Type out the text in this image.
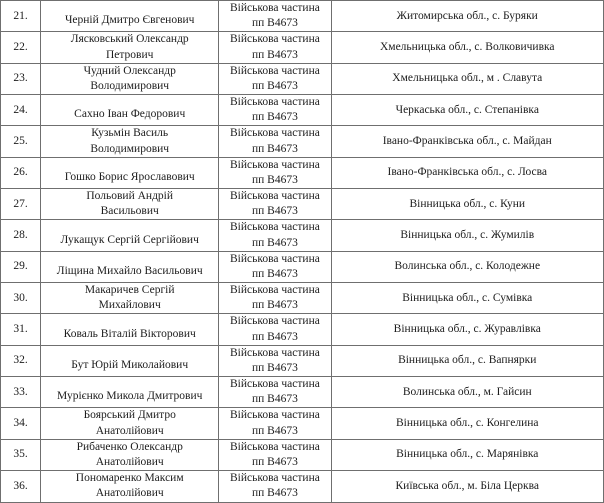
21.	Черній Дмитро Євгенович	Військова частина
пп В4673	Житомирська обл., с. Буряки
22.	Лясковський Олександр
Петрович	Військова частина
пп В4673	Хмельницька обл., с. Волковичивка
23.	Чудний Олександр
Володимирович	Військова частина
пп В4673	Хмельницька обл., м . Славута
24.	Сахно Іван Федорович	Військова частина
пп В4673	Черкаська обл., с. Степанівка
25.	Кузьмін Василь
Володимирович	Військова частина
пп В4673	Івано-Франківська обл., с. Майдан
26.	Гошко Борис Ярославович	Військова частина
пп В4673	Івано-Франківська обл., с. Лосва
27.	Польовий Андрій
Васильович	Військова частина
пп В4673	Вінницька обл., с. Куни
28.	Лукащук Сергій Сергійович	Військова частина
пп В4673	Вінницька обл., с. Жумилів
29.	Ліщина Михайло Васильович	Військова частина
пп В4673	Волинська обл., с. Колодежне
30.	Макаричев Сергій
Михайлович	Військова частина
пп В4673	Вінницька обл., с. Сумівка
31.	Коваль Віталій Вікторович	Військова частина
пп В4673	Вінницька обл., с. Журавлівка
32.	Бут Юрій Миколайович	Військова частина
пп В4673	Вінницька обл., с. Вапнярки
33.	Мурієнко Микола Дмитрович	Військова частина
пп В4673	Волинська обл., м. Гайсин
34.	Боярський Дмитро
Анатолійович	Військова частина
пп В4673	Вінницька обл., с. Конгелина
35.	Рибаченко Олександр
Анатолійович	Військова частина
пп В4673	Вінницька обл., с. Марянівка
36.	Пономаренко Максим
Анатолійович	Військова частина
пп В4673	Київська обл., м. Біла Церква
